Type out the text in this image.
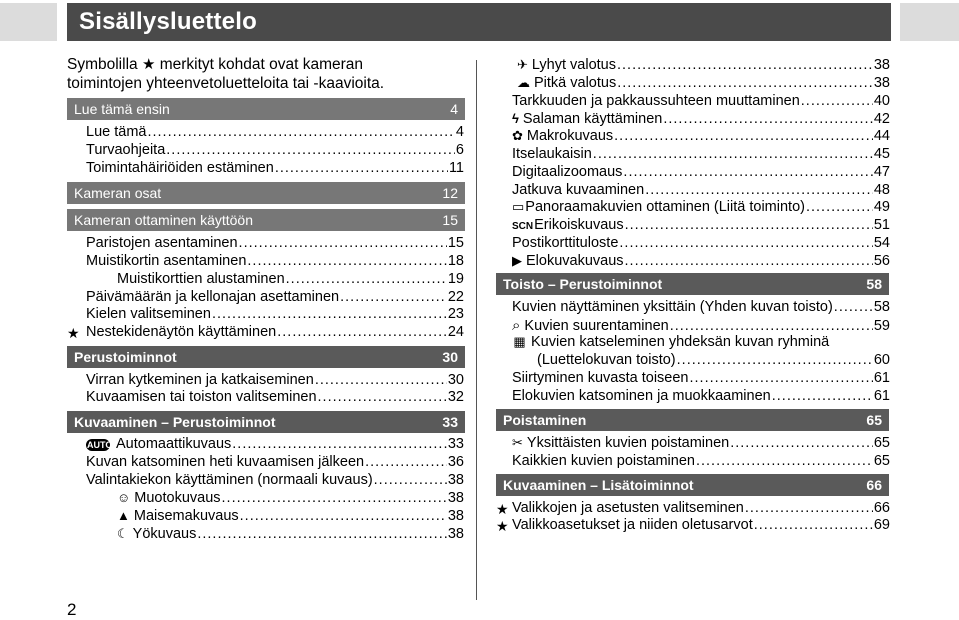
Sisällysluettelo
Symbolilla ★ merkityt kohdat ovat kameran
toimintojen yhteenvetoluetteloita tai -kaavioita.
Lue tämä ensin	4
Lue tämä .....	4
Turvaohjeita .....	6
Toimintahäiriöiden estäminen .....	11
Kameran osat	12
Kameran ottaminen käyttöön	15
Paristojen asentaminen .....	15
Muistikortin asentaminen .....	18
Muistikorttien alustaminen .....	19
Päivämäärän ja kellonajan asettaminen .....	22
Kielen valitseminen .....	23
★ Nestekidenäytön käyttäminen .....	24
Perustoiminnot	30
Virran kytkeminen ja katkaiseminen .....	30
Kuvaamisen tai toiston valitseminen .....	32
Kuvaaminen – Perustoiminnot	33
AUTO Automaattikuvaus .....	33
Kuvan katsominen heti kuvaamisen jälkeen .....	36
Valintakiekon käyttäminen (normaali kuvaus) .....	38
☺ Muotokuvaus .....	38
▲ Maisemakuvaus .....	38
☾ Yökuvaus .....	38
✈ Lyhyt valotus .....	38
☁ Pitkä valotus .....	38
Tarkkuuden ja pakkaussuhteen muuttaminen .....	40
ϟ Salaman käyttäminen .....	42
✿ Makrokuvaus .....	44
Itselaukaisin .....	45
Digitaalizoomaus .....	47
Jatkuva kuvaaminen .....	48
▭ Panoraamakuvien ottaminen (Liitä toiminto) .....	49
SCN Erikoiskuvaus .....	51
Postikorttituloste .....	54
▶ Elokuvakuvaus .....	56
Toisto – Perustoiminnot	58
Kuvien näyttäminen yksittäin (Yhden kuvan toisto) .....	58
⌕ Kuvien suurentaminen .....	59
▦ Kuvien katseleminen yhdeksän kuvan ryhminä
(Luettelokuvan toisto) .....	60
Siirtyminen kuvasta toiseen .....	61
Elokuvien katsominen ja muokkaaminen .....	61
Poistaminen	65
✂ Yksittäisten kuvien poistaminen .....	65
Kaikkien kuvien poistaminen .....	65
Kuvaaminen – Lisätoiminnot	66
★ Valikkojen ja asetusten valitseminen .....	66
★ Valikkoasetukset ja niiden oletusarvot .....	69
2
